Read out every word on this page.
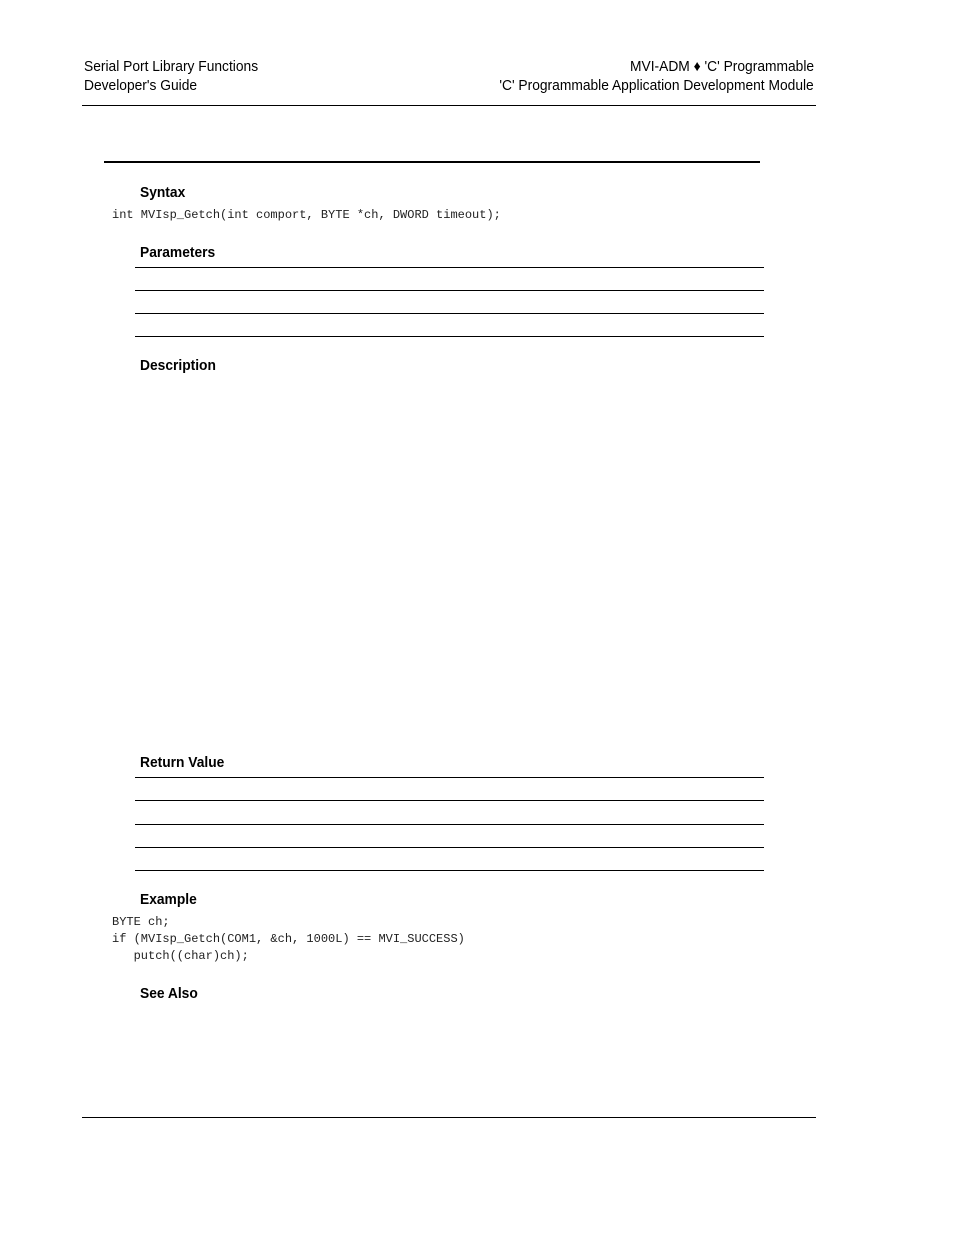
Serial Port Library Functions
Developer's Guide
MVI-ADM ♦ 'C' Programmable
'C' Programmable Application Development Module
Syntax
int MVIsp_Getch(int comport, BYTE *ch, DWORD timeout);
Parameters
Description
Return Value
Example
BYTE ch;
if (MVIsp_Getch(COM1, &ch, 1000L) == MVI_SUCCESS)
putch((char)ch);
See Also
